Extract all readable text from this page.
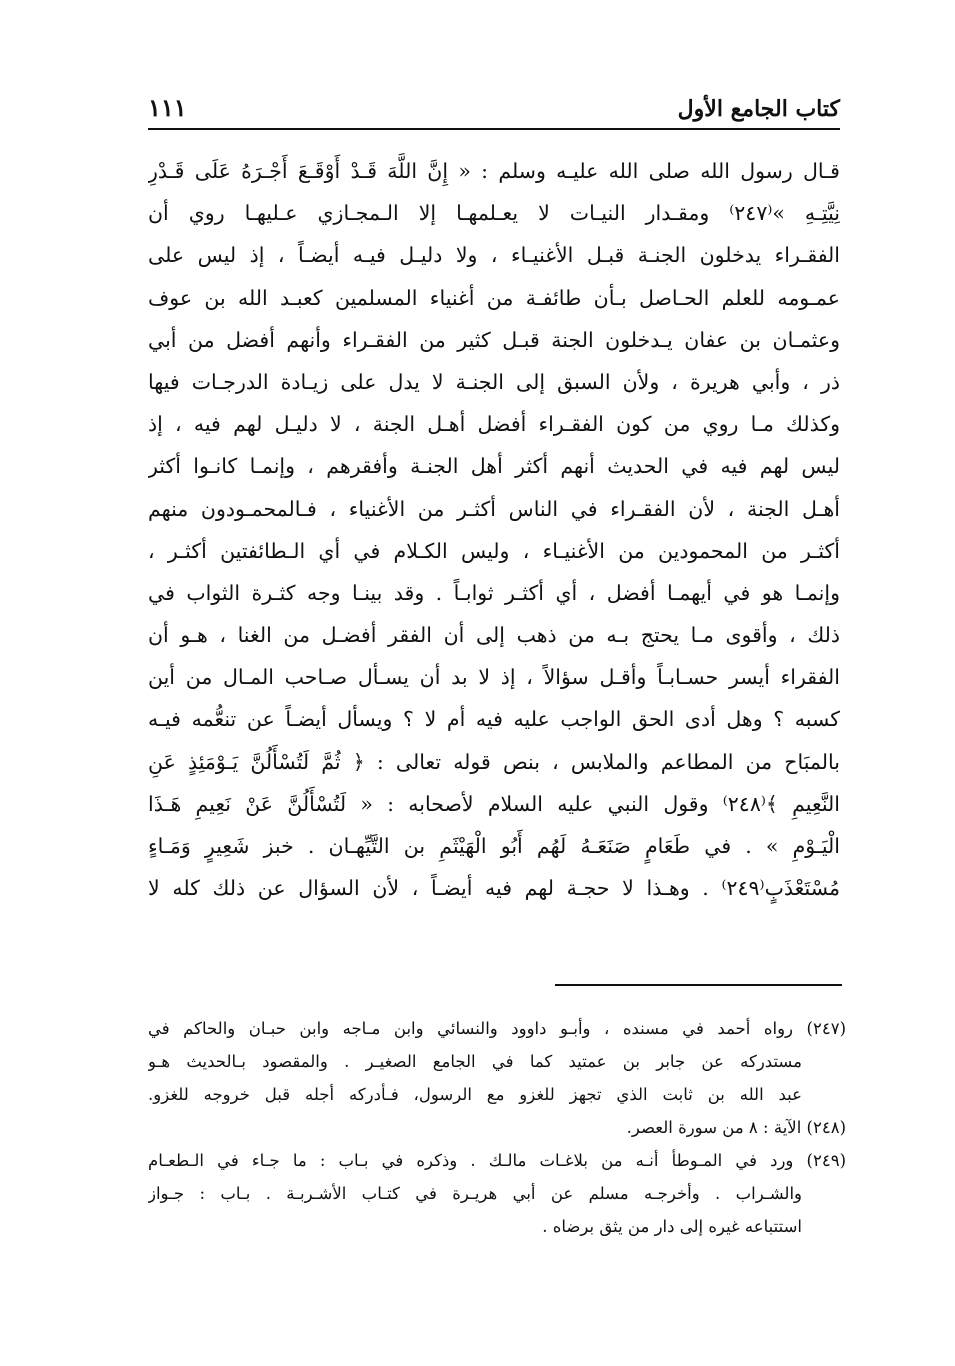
كتاب الجامع الأول
١١١
قـال رسول الله صلى الله عليـه وسلم : « إِنَّ اللَّهَ قَـدْ أَوْقَـعَ أَجْـرَهُ عَلَى قَـدْرِ
نِيَّتِـهِ »⁽٢٤٧⁾ ومقـدار النيـات لا يعـلمهـا إلا الـمجـازي عـليهـا روي أن
الفقـراء يدخلون الجنـة قبـل الأغنيـاء ، ولا دليـل فيـه أيضـاً ، إذ ليس على
عمـومه للعلم الحـاصل بـأن طائفـة من أغنياء المسلمين كعبـد الله بن عوف
وعثمـان بن عفان يـدخلون الجنة قبـل كثير من الفقـراء وأنهم أفضل من أبي
ذر ، وأبي هريرة ، ولأن السبق إلى الجنـة لا يدل على زيـادة الدرجـات فيها
وكذلك مـا روي من كون الفقـراء أفضل أهـل الجنة ، لا دليـل لهم فيه ، إذ
ليس لهم فيه في الحديث أنهم أكثر أهل الجنـة وأفقرهم ، وإنمـا كانـوا أكثر
أهـل الجنة ، لأن الفقـراء في الناس أكثـر من الأغنياء ، فـالمحمـودون منهم
أكثـر من المحمودين من الأغنيـاء ، وليس الكـلام في أي الـطائفتين أكثـر ،
وإنمـا هو في أيهمـا أفضل ، أي أكثـر ثوابـاً . وقد بينـا وجه كثـرة الثواب في
ذلك ، وأقوى مـا يحتج بـه من ذهب إلى أن الفقر أفضـل من الغنا ، هـو أن
الفقراء أيسر حسـابـاً وأقـل سؤالاً ، إذ لا بد أن يسـأل صـاحب المـال من أين
كسبه ؟ وهل أدى الحق الواجب عليه فيه أم لا ؟ ويسأل أيضـاً عن تنعُّمه فيـه
بالمبَاح من المطاعم والملابس ، بنص قوله تعالى : ﴿ ثُمَّ لَتُسْأَلُنَّ يَـوْمَئِذٍ عَنِ
النَّعِيمِ ﴾⁽٢٤٨⁾ وقول النبي عليه السلام لأصحابه : « لَتُسْأَلُنَّ عَنْ نَعِيمِ هَـذَا
الْيَـوْمِ » . في طَعَامٍ صَنَعَـهُ لَهُم أَبُو الْهَيْثَمِ بن التَّيِّهـان . خبز شَعِيرٍ وَمَـاءٍ
مُسْتَعْذَبٍ⁽٢٤٩⁾ . وهـذا لا حجـة لهم فيه أيضـاً ، لأن السؤال عن ذلك كله لا
(٢٤٧) رواه أحمد في مسنده ، وأبـو داوود والنسائي وابن مـاجه وابن حبـان والحاكم في
مستدركه عن جابر بن عمتيد كما في الجامع الصغيـر . والمقصود بـالحديث هـو
عبد الله بن ثابت الذي تجهز للغزو مع الرسول، فـأدركه أجله قبل خروجه للغزو.
(٢٤٨) الآية : ٨ من سورة العصر.
(٢٤٩) ورد في المـوطأ أنـه من بلاغـات مالـك . وذكره في بـاب : ما جـاء في الـطعـام
والشـراب . وأخرجـه مسلم عن أبي هريـرة في كتـاب الأشـربـة . بـاب : جـواز
استتباعه غيره إلى دار من يثق برضاه .
